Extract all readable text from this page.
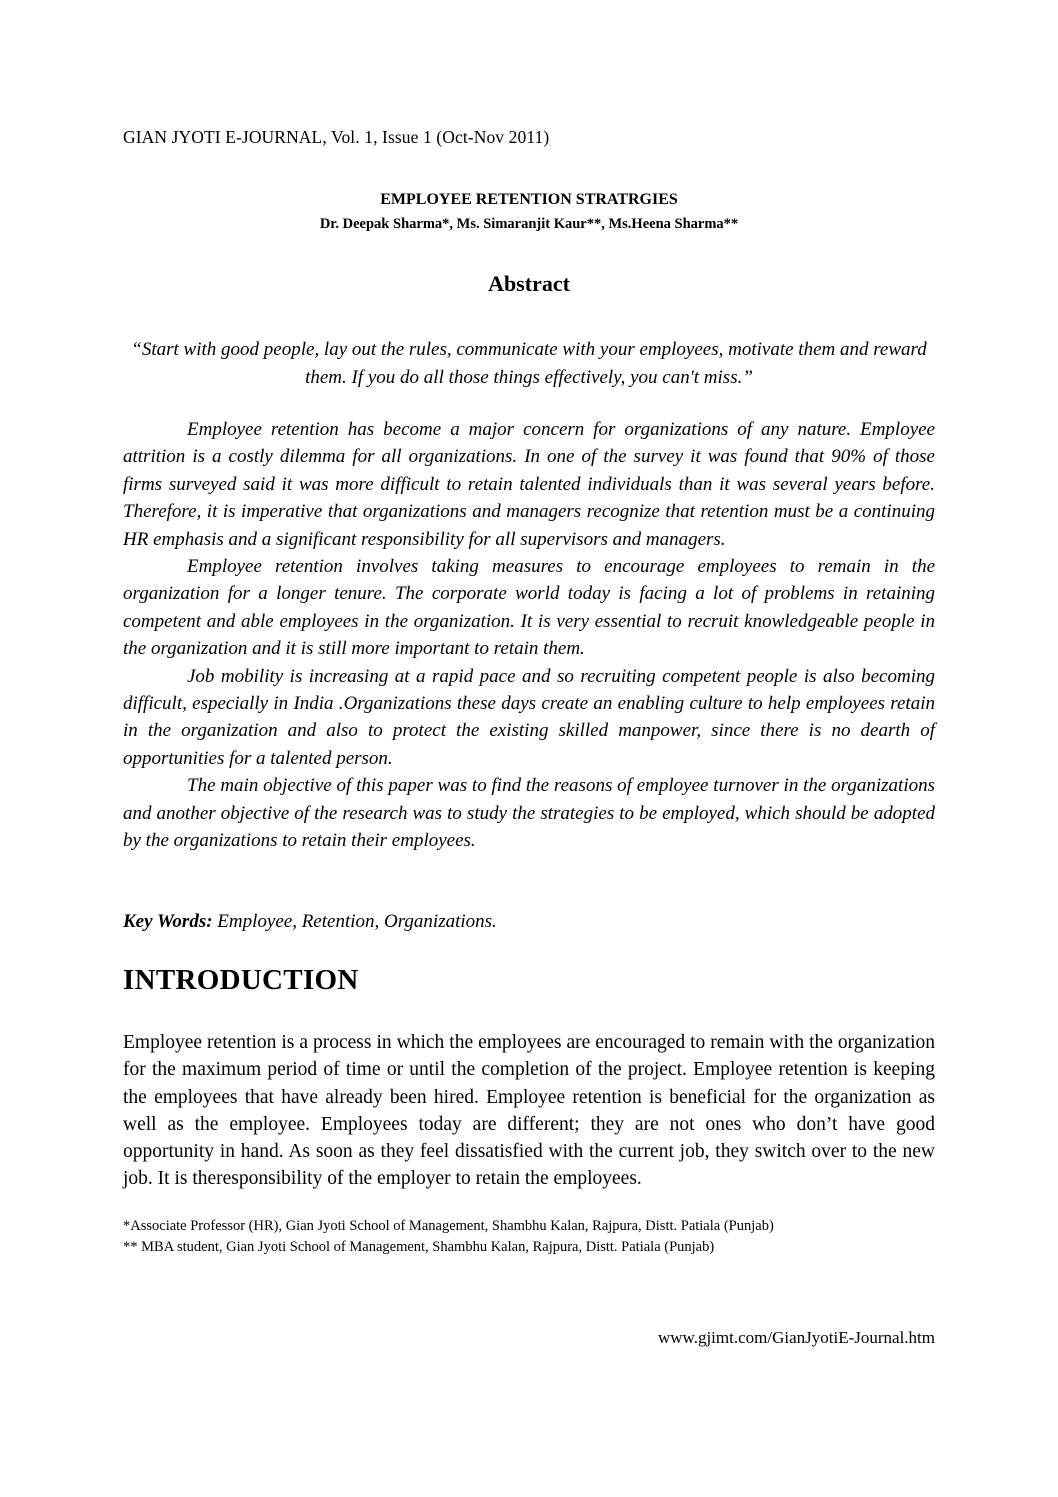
GIAN JYOTI E-JOURNAL, Vol. 1, Issue 1 (Oct-Nov 2011)
EMPLOYEE RETENTION STRATRGIES
Dr. Deepak Sharma*, Ms. Simaranjit Kaur**, Ms.Heena Sharma**
Abstract
“Start with good people, lay out the rules, communicate with your employees, motivate them and reward them. If you do all those things effectively, you can't miss.”

Employee retention has become a major concern for organizations of any nature. Employee attrition is a costly dilemma for all organizations. In one of the survey it was found that 90% of those firms surveyed said it was more difficult to retain talented individuals than it was several years before. Therefore, it is imperative that organizations and managers recognize that retention must be a continuing HR emphasis and a significant responsibility for all supervisors and managers.

Employee retention involves taking measures to encourage employees to remain in the organization for a longer tenure. The corporate world today is facing a lot of problems in retaining competent and able employees in the organization. It is very essential to recruit knowledgeable people in the organization and it is still more important to retain them.

Job mobility is increasing at a rapid pace and so recruiting competent people is also becoming difficult, especially in India .Organizations these days create an enabling culture to help employees retain in the organization and also to protect the existing skilled manpower, since there is no dearth of opportunities for a talented person.

The main objective of this paper was to find the reasons of employee turnover in the organizations and another objective of the research was to study the strategies to be employed, which should be adopted by the organizations to retain their employees.

Key Words: Employee, Retention, Organizations.
INTRODUCTION

Employee retention is a process in which the employees are encouraged to remain with the organization for the maximum period of time or until the completion of the project. Employee retention is keeping the employees that have already been hired. Employee retention is beneficial for the organization as well as the employee. Employees today are different; they are not ones who don’t have good opportunity in hand. As soon as they feel dissatisfied with the current job, they switch over to the new job. It is theresponsibility of the employer to retain the employees.

*Associate Professor (HR), Gian Jyoti School of Management, Shambhu Kalan, Rajpura, Distt. Patiala (Punjab)
** MBA student, Gian Jyoti School of Management, Shambhu Kalan, Rajpura, Distt. Patiala (Punjab)
www.gjimt.com/GianJyotiE-Journal.htm
